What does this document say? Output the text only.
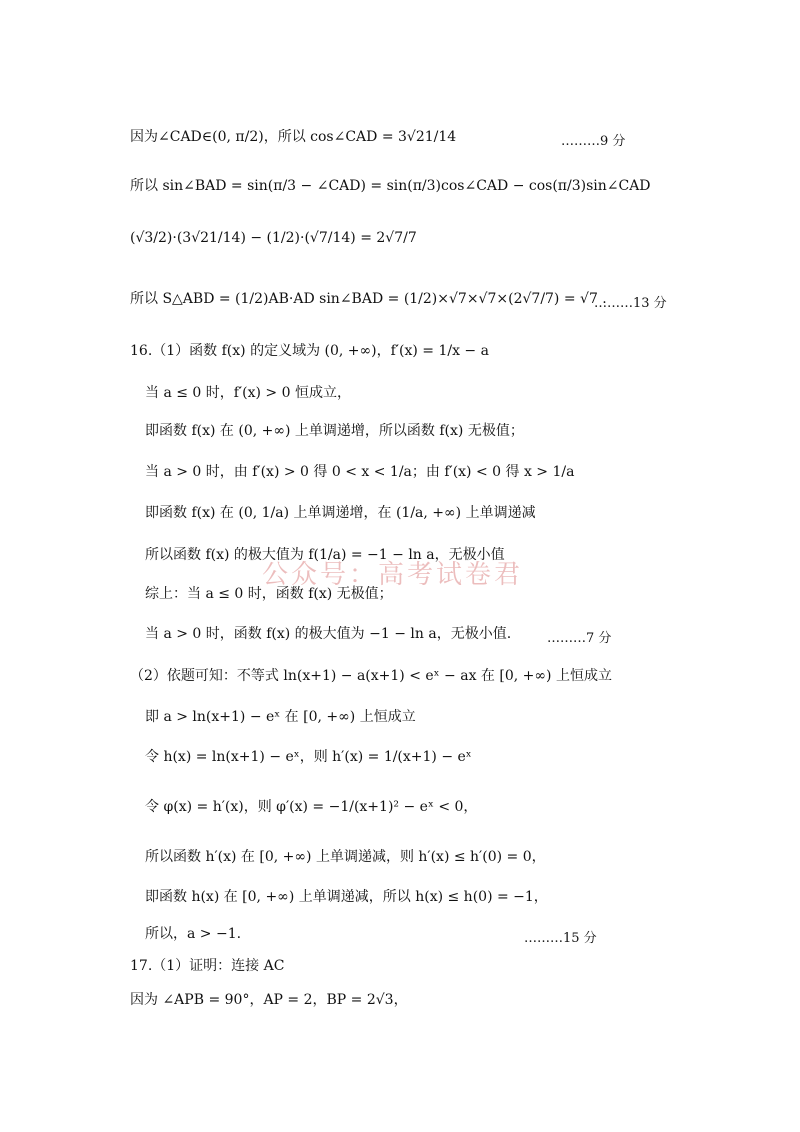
因为∠CAD∈(0, π/2)，所以 cos∠CAD = 3√21/14	………9 分
所以 sin∠BAD = sin(π/3 − ∠CAD) = sin(π/3)cos∠CAD − cos(π/3)sin∠CAD
(√3/2)·(3√21/14) − (1/2)·(√7/14) = 2√7/7
所以 S△ABD = (1/2)AB·AD sin∠BAD = (1/2)×√7×√7×(2√7/7) = √7 .
………13 分
16.（1）函数 f(x) 的定义域为 (0, +∞)，f′(x) = 1/x − a
当 a ≤ 0 时，f′(x) > 0 恒成立，
即函数 f(x) 在 (0, +∞) 上单调递增，所以函数 f(x) 无极值；
当 a > 0 时，由 f′(x) > 0 得 0 < x < 1/a；由 f′(x) < 0 得 x > 1/a
即函数 f(x) 在 (0, 1/a) 上单调递增，在 (1/a, +∞) 上单调递减
所以函数 f(x) 的极大值为 f(1/a) = −1 − ln a，无极小值
综上：当 a ≤ 0 时，函数 f(x) 无极值；
当 a > 0 时，函数 f(x) 的极大值为 −1 − ln a，无极小值.	………7 分
（2）依题可知：不等式 ln(x+1) − a(x+1) < eˣ − ax 在 [0, +∞) 上恒成立
即 a > ln(x+1) − eˣ 在 [0, +∞) 上恒成立
令 h(x) = ln(x+1) − eˣ，则 h′(x) = 1/(x+1) − eˣ
令 φ(x) = h′(x)，则 φ′(x) = −1/(x+1)² − eˣ < 0，
所以函数 h′(x) 在 [0, +∞) 上单调递减，则 h′(x) ≤ h′(0) = 0，
即函数 h(x) 在 [0, +∞) 上单调递减，所以 h(x) ≤ h(0) = −1，
所以，a > −1.	………15 分
17.（1）证明：连接 AC
因为 ∠APB = 90°，AP = 2，BP = 2√3，
公众号：高考试卷君
